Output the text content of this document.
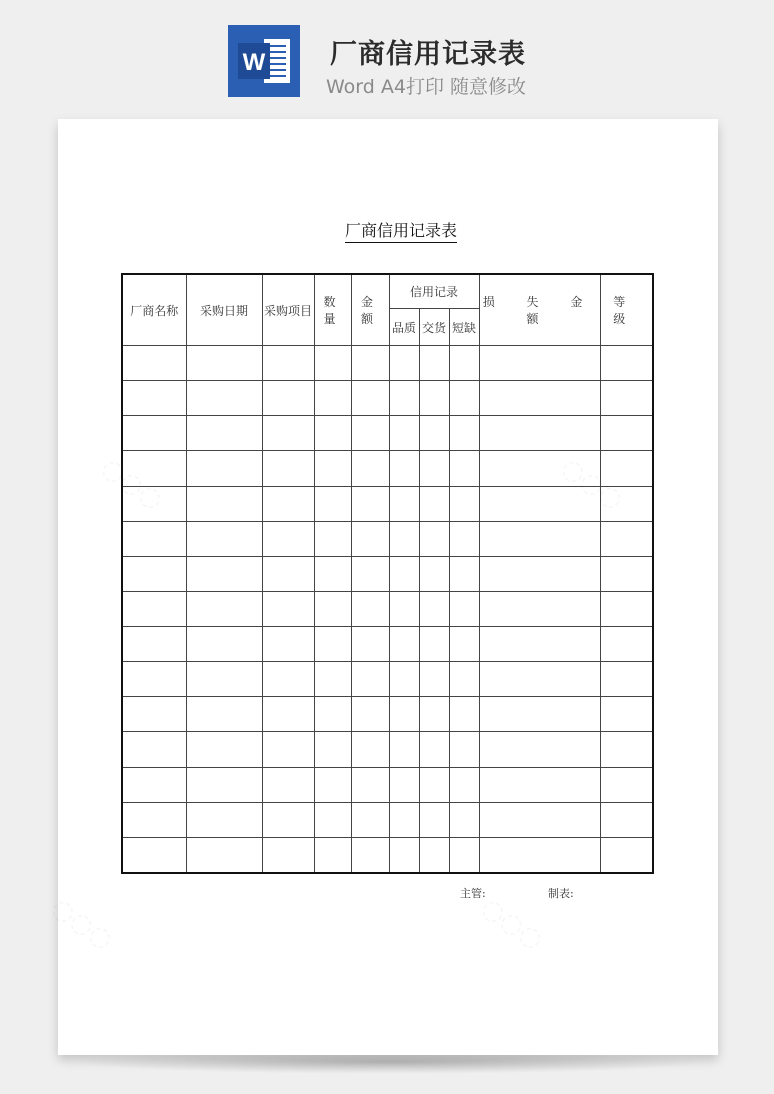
W 厂商信用记录表
Word A4打印 随意修改
厂商信用记录表
厂商名称	采购日期	采购项目	数 量	金 额	信用记录			损 失 金 额	等 级
					品质	交货	短缺		

主管:	制表:
